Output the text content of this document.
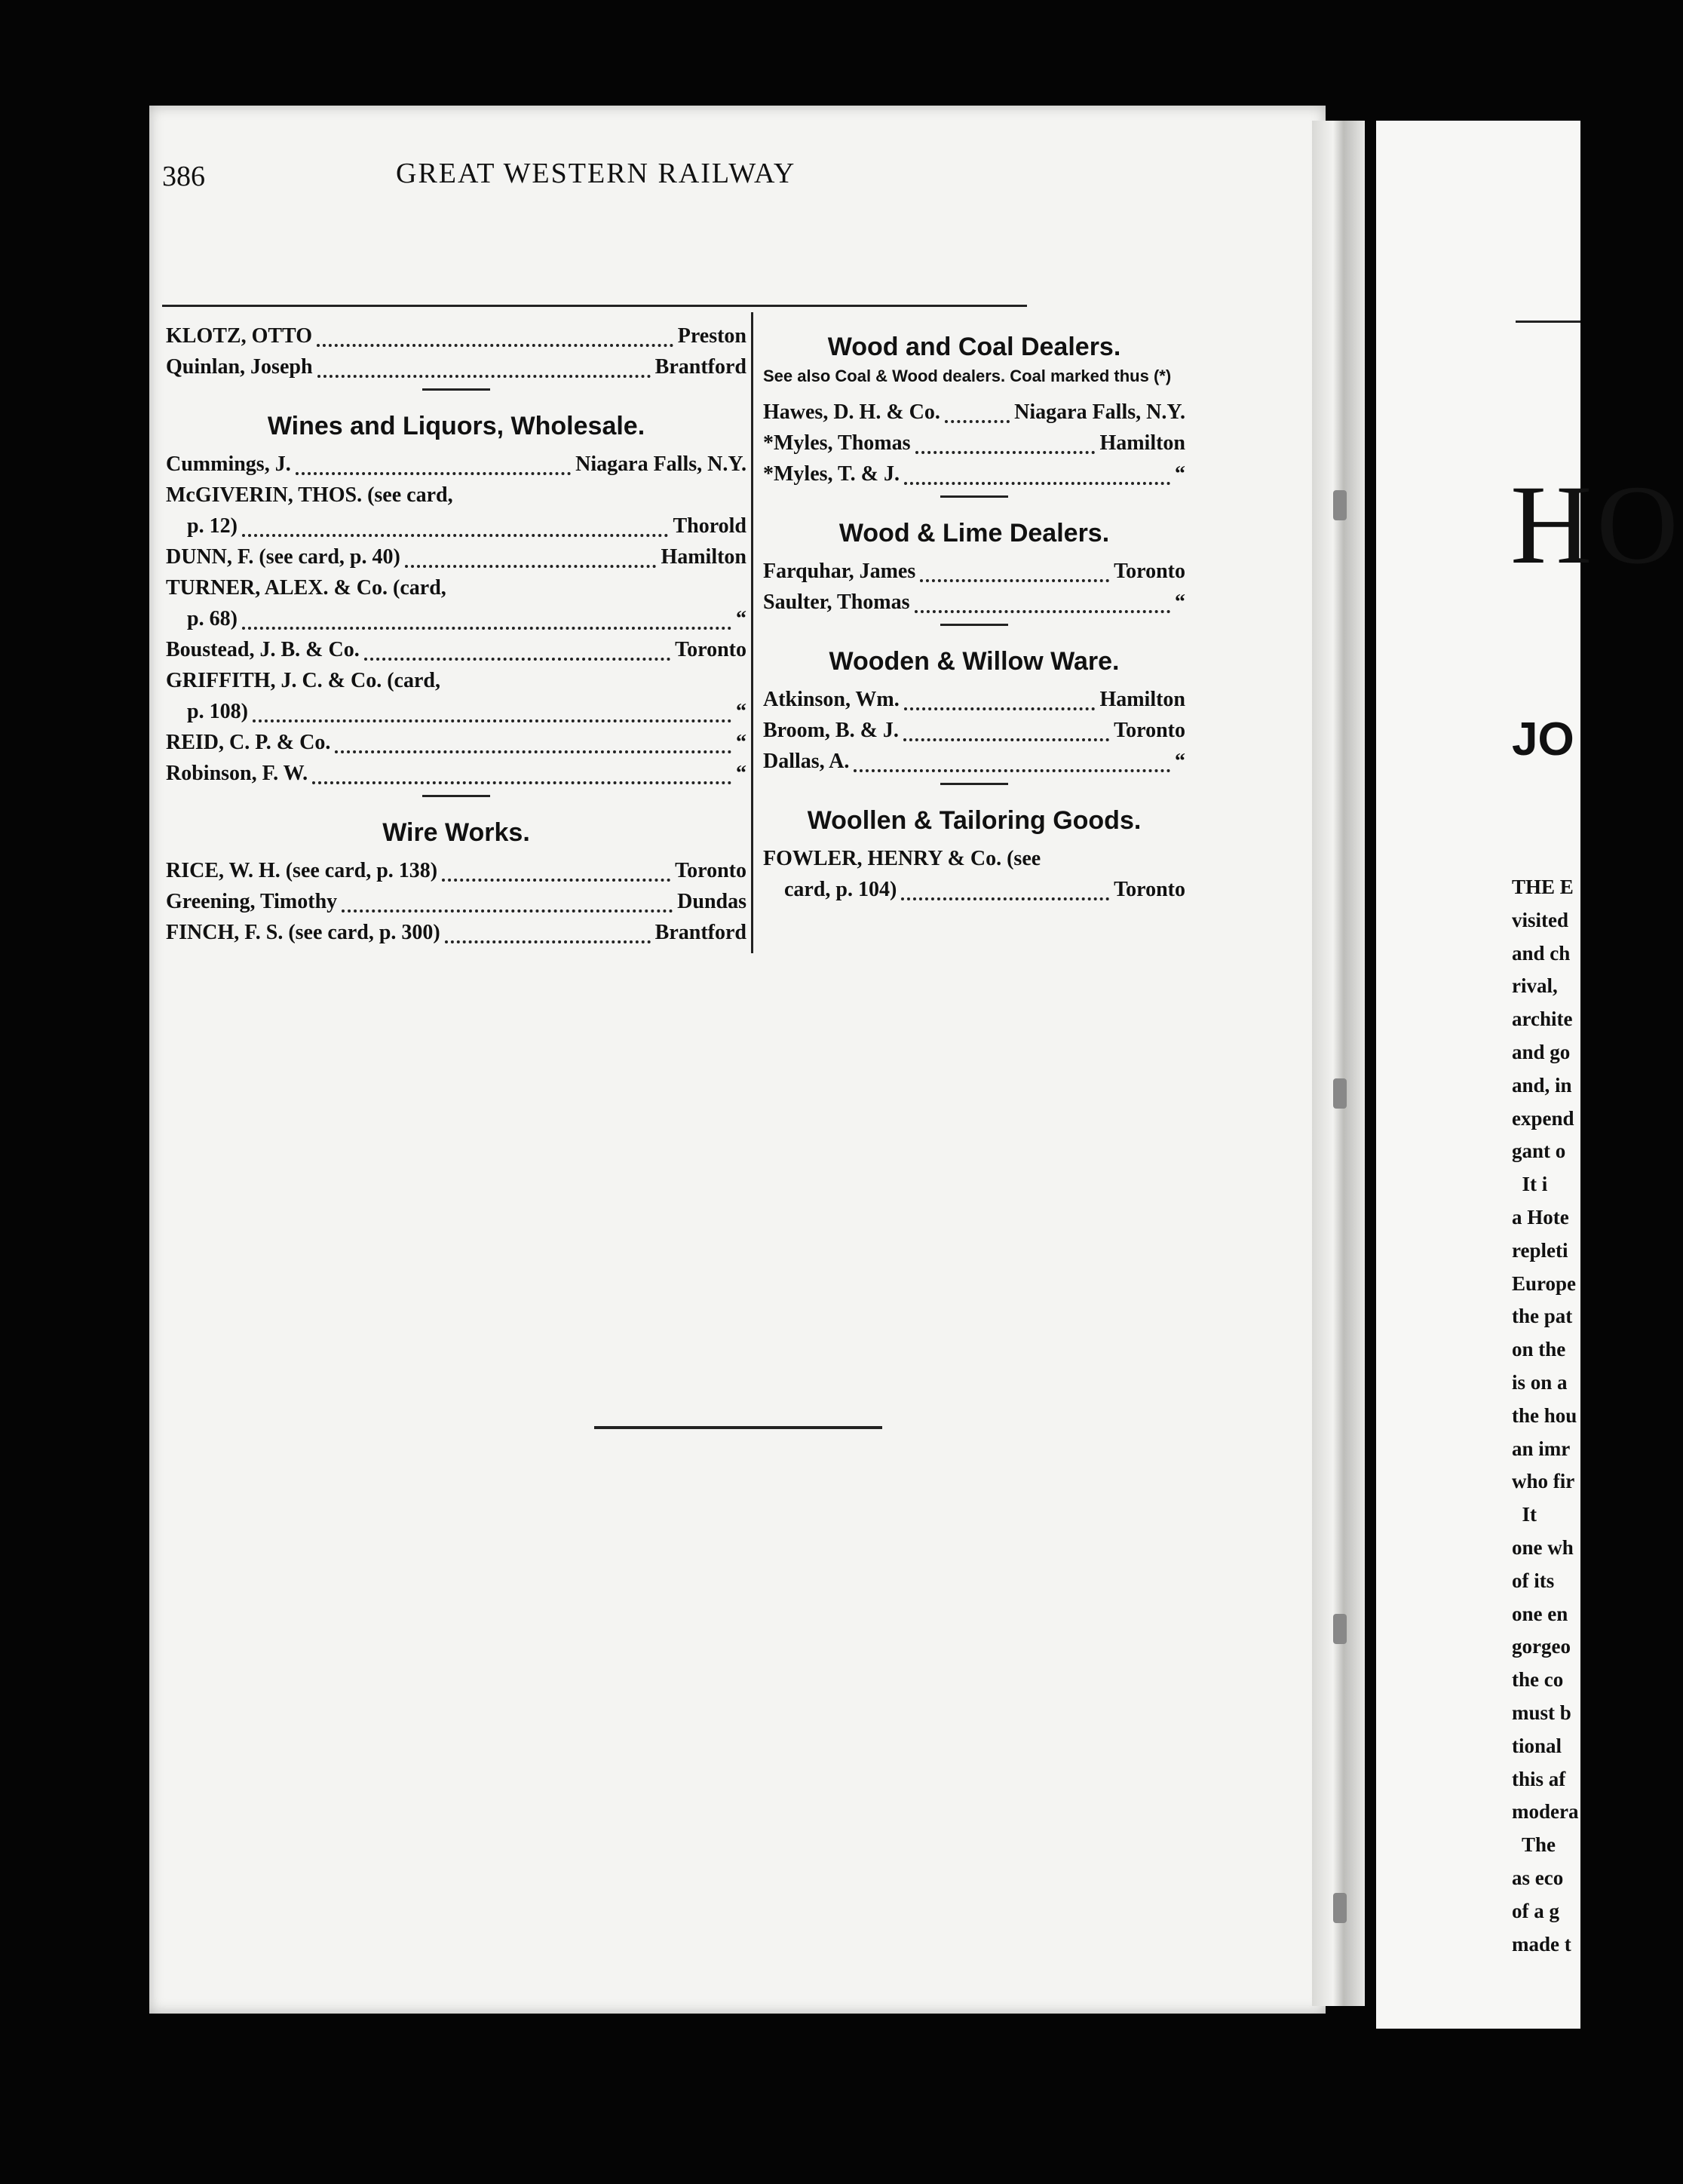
386	GREAT WESTERN RAILWAY
KLOTZ, OTTO	Preston
Quinlan, Joseph	Brantford
Wines and Liquors, Wholesale.
Cummings, J.	Niagara Falls, N.Y.
McGIVERIN, THOS. (see card,
p. 12)	Thorold
DUNN, F. (see card, p. 40)	Hamilton
TURNER, ALEX. & Co. (card,
p. 68)	“
Boustead, J. B. & Co.	Toronto
GRIFFITH, J. C. & Co. (card,
p. 108)	“
REID, C. P. & Co.	“
Robinson, F. W.	“
Wire Works.
RICE, W. H. (see card, p. 138)	Toronto
Greening, Timothy	Dundas
FINCH, F. S. (see card, p. 300)	Brantford
Wood and Coal Dealers.
See also Coal & Wood dealers. Coal marked thus (*)
Hawes, D. H. & Co.	Niagara Falls, N.Y.
*Myles, Thomas	Hamilton
*Myles, T. & J.	“
Wood & Lime Dealers.
Farquhar, James	Toronto
Saulter, Thomas	“
Wooden & Willow Ware.
Atkinson, Wm.	Hamilton
Broom, B. & J.	Toronto
Dallas, A.	“
Woollen & Tailoring Goods.
FOWLER, HENRY & Co. (see
card, p. 104)	Toronto
HO
JO
THE E
visited
and ch
rival,
archite
and go
and, in
expend
gant o
It i
a Hote
repleti
Europe
the pat
on the
is on a
the hou
an imr
who fir
It
one wh
of its
one en
gorgeo
the co
must b
tional
this af
modera
The
as eco
of a g
made t
